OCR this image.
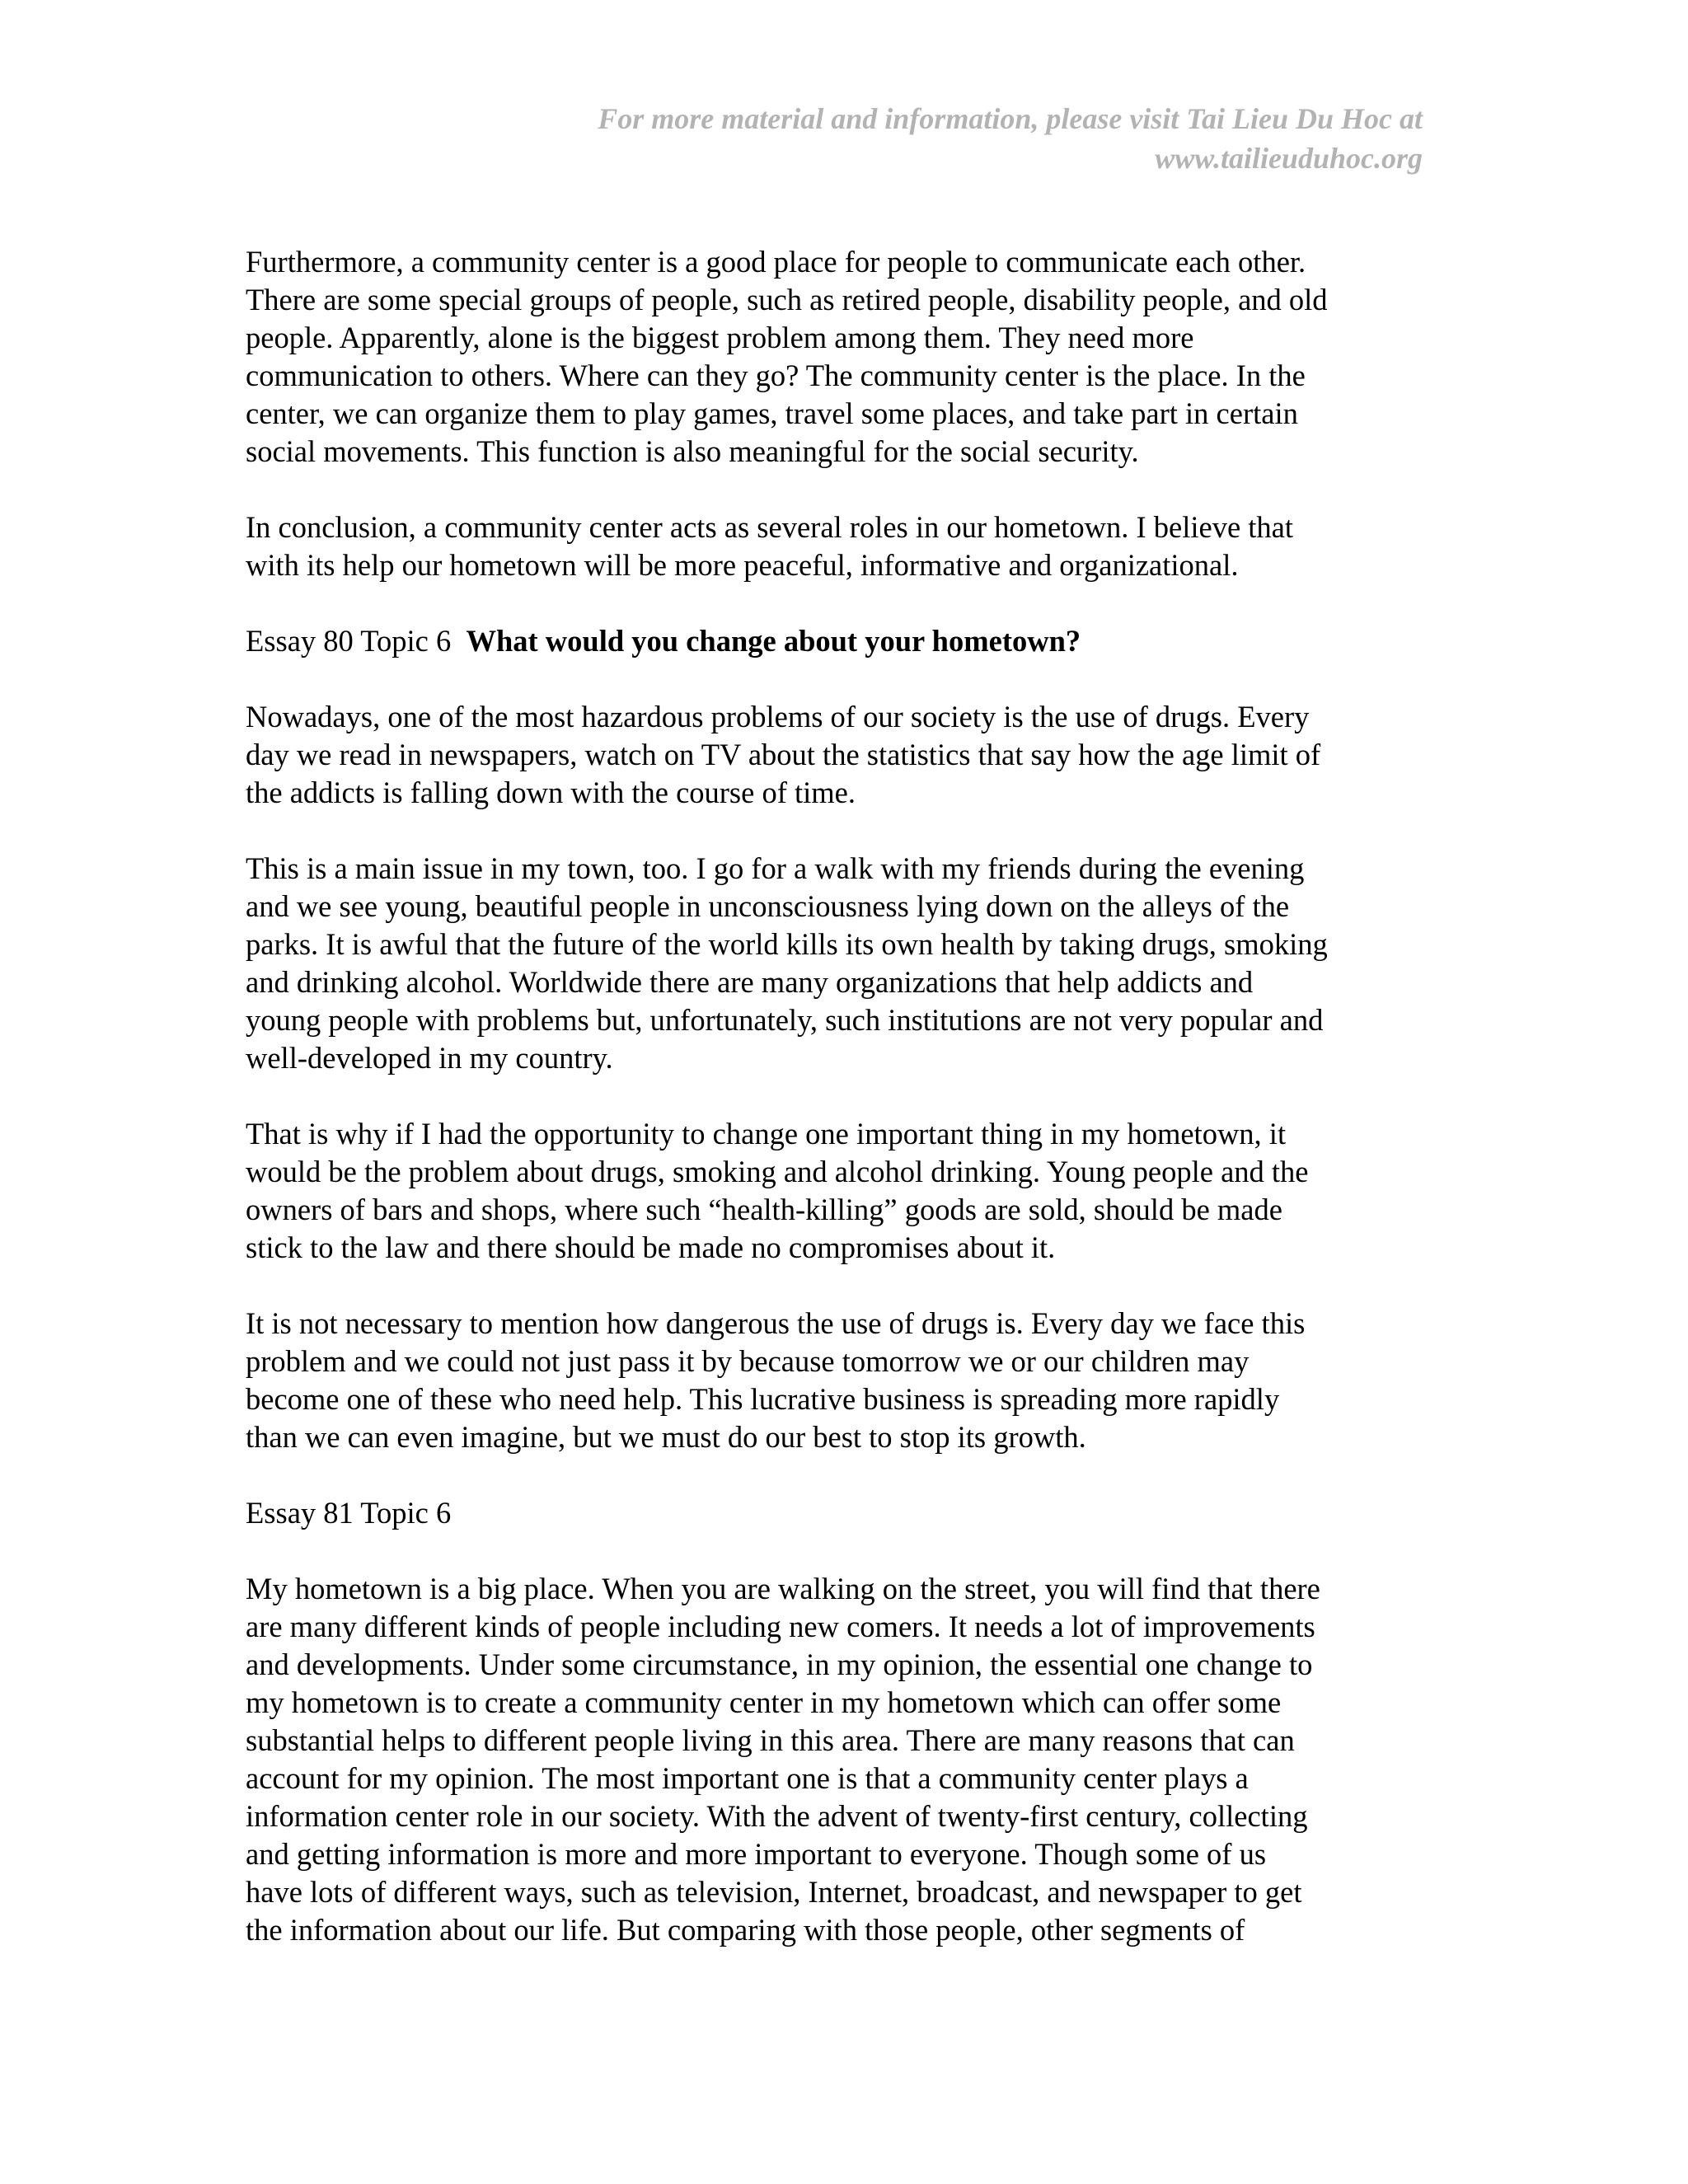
For more material and information, please visit Tai Lieu Du Hoc at
www.tailieuduhoc.org

Furthermore, a community center is a good place for people to communicate each other.
There are some special groups of people, such as retired people, disability people, and old
people. Apparently, alone is the biggest problem among them. They need more
communication to others. Where can they go? The community center is the place. In the
center, we can organize them to play games, travel some places, and take part in certain
social movements. This function is also meaningful for the social security.

In conclusion, a community center acts as several roles in our hometown. I believe that
with its help our hometown will be more peaceful, informative and organizational.

Essay 80 Topic 6  What would you change about your hometown?

Nowadays, one of the most hazardous problems of our society is the use of drugs. Every
day we read in newspapers, watch on TV about the statistics that say how the age limit of
the addicts is falling down with the course of time.

This is a main issue in my town, too. I go for a walk with my friends during the evening
and we see young, beautiful people in unconsciousness lying down on the alleys of the
parks. It is awful that the future of the world kills its own health by taking drugs, smoking
and drinking alcohol. Worldwide there are many organizations that help addicts and
young people with problems but, unfortunately, such institutions are not very popular and
well-developed in my country.

That is why if I had the opportunity to change one important thing in my hometown, it
would be the problem about drugs, smoking and alcohol drinking. Young people and the
owners of bars and shops, where such “health-killing” goods are sold, should be made
stick to the law and there should be made no compromises about it.

It is not necessary to mention how dangerous the use of drugs is. Every day we face this
problem and we could not just pass it by because tomorrow we or our children may
become one of these who need help. This lucrative business is spreading more rapidly
than we can even imagine, but we must do our best to stop its growth.

Essay 81 Topic 6

My hometown is a big place. When you are walking on the street, you will find that there
are many different kinds of people including new comers. It needs a lot of improvements
and developments. Under some circumstance, in my opinion, the essential one change to
my hometown is to create a community center in my hometown which can offer some
substantial helps to different people living in this area. There are many reasons that can
account for my opinion. The most important one is that a community center plays a
information center role in our society. With the advent of twenty-first century, collecting
and getting information is more and more important to everyone. Though some of us
have lots of different ways, such as television, Internet, broadcast, and newspaper to get
the information about our life. But comparing with those people, other segments of
